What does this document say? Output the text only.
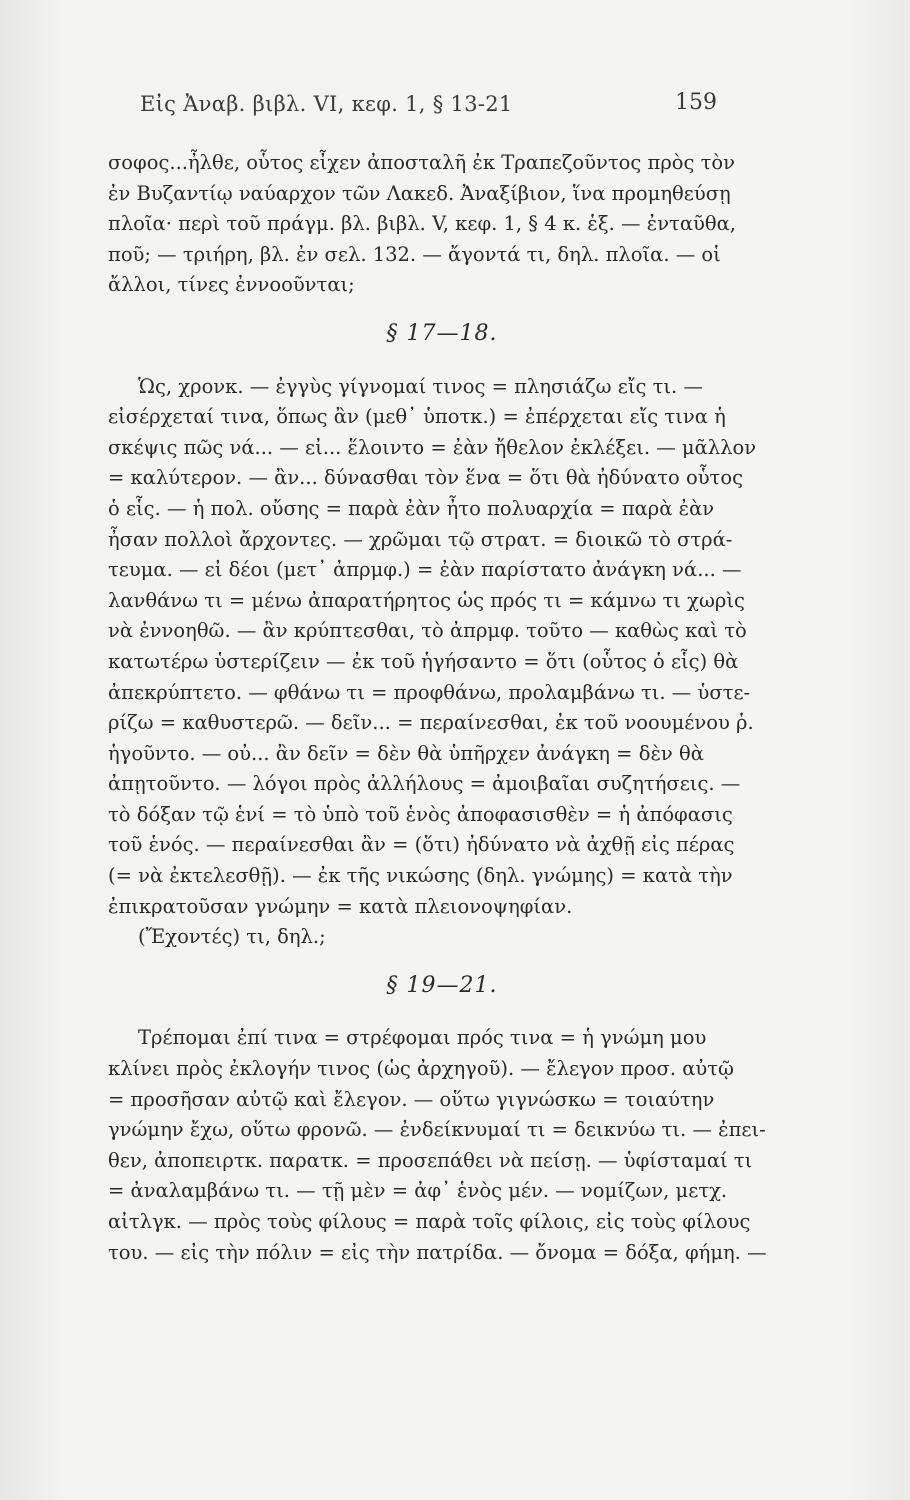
Εἰς Ἀναβ. βιβλ. VI, κεφ. 1, § 13-21	159
σοφος...ἦλθε, οὗτος εἶχεν ἀποσταλῆ ἐκ Τραπεζοῦντος πρὸς τὸν
ἐν Βυζαντίῳ ναύαρχον τῶν Λακεδ. Ἀναξίβιον, ἵνα προμηθεύσῃ
πλοῖα· περὶ τοῦ πράγμ. βλ. βιβλ. V, κεφ. 1, § 4 κ. ἑξ. — ἐνταῦθα,
ποῦ; — τριήρη, βλ. ἐν σελ. 132. — ἄγοντά τι, δηλ. πλοῖα. — οἱ
ἄλλοι, τίνες ἐννοοῦνται;
§ 17—18.
Ὡς, χρονκ. — ἐγγὺς γίγνομαί τινος = πλησιάζω εἴς τι. —
εἰσέρχεταί τινα, ὅπως ἂν (μεθ᾽ ὑποτκ.) = ἐπέρχεται εἴς τινα ἡ
σκέψις πῶς νά... — εἰ... ἕλοιντο = ἐὰν ἤθελον ἐκλέξει. — μᾶλλον
= καλύτερον. — ἂν... δύνασθαι τὸν ἕνα = ὅτι θὰ ἠδύνατο οὗτος
ὁ εἷς. — ἡ πολ. οὔσης = παρὰ ἐὰν ἦτο πολυαρχία = παρὰ ἐὰν
ἦσαν πολλοὶ ἄρχοντες. — χρῶμαι τῷ στρατ. = διοικῶ τὸ στρά-
τευμα. — εἰ δέοι (μετ᾽ ἀπρμφ.) = ἐὰν παρίστατο ἀνάγκη νά... —
λανθάνω τι = μένω ἀπαρατήρητος ὡς πρός τι = κάμνω τι χωρὶς
νὰ ἐννοηθῶ. — ἂν κρύπτεσθαι, τὸ ἀπρμφ. τοῦτο — καθὼς καὶ τὸ
κατωτέρω ὑστερίζειν — ἐκ τοῦ ἡγήσαντο = ὅτι (οὗτος ὁ εἷς) θὰ
ἀπεκρύπτετο. — φθάνω τι = προφθάνω, προλαμβάνω τι. — ὑστε-
ρίζω = καθυστερῶ. — δεῖν... = περαίνεσθαι, ἐκ τοῦ νοουμένου ῥ.
ἡγοῦντο. — οὐ... ἂν δεῖν = δὲν θὰ ὑπῆρχεν ἀνάγκη = δὲν θὰ
ἀπῃτοῦντο. — λόγοι πρὸς ἀλλήλους = ἀμοιβαῖαι συζητήσεις. —
τὸ δόξαν τῷ ἑνί = τὸ ὑπὸ τοῦ ἑνὸς ἀποφασισθὲν = ἡ ἀπόφασις
τοῦ ἑνός. — περαίνεσθαι ἂν = (ὅτι) ἠδύνατο νὰ ἀχθῇ εἰς πέρας
(= νὰ ἐκτελεσθῇ). — ἐκ τῆς νικώσης (δηλ. γνώμης) = κατὰ τὴν
ἐπικρατοῦσαν γνώμην = κατὰ πλειονοψηφίαν.
(Ἔχοντές) τι, δηλ.;
§ 19—21.
Τρέπομαι ἐπί τινα = στρέφομαι πρός τινα = ἡ γνώμη μου
κλίνει πρὸς ἐκλογήν τινος (ὡς ἀρχηγοῦ). — ἔλεγον προσ. αὐτῷ
= προσῆσαν αὐτῷ καὶ ἔλεγον. — οὕτω γιγνώσκω = τοιαύτην
γνώμην ἔχω, οὕτω φρονῶ. — ἐνδείκνυμαί τι = δεικνύω τι. — ἐπει-
θεν, ἀποπειρτκ. παρατκ. = προσεπάθει νὰ πείσῃ. — ὑφίσταμαί τι
= ἀναλαμβάνω τι. — τῇ μὲν = ἀφ᾽ ἑνὸς μέν. — νομίζων, μετχ.
αἰτλγκ. — πρὸς τοὺς φίλους = παρὰ τοῖς φίλοις, εἰς τοὺς φίλους
του. — εἰς τὴν πόλιν = εἰς τὴν πατρίδα. — ὄνομα = δόξα, φήμη. —
